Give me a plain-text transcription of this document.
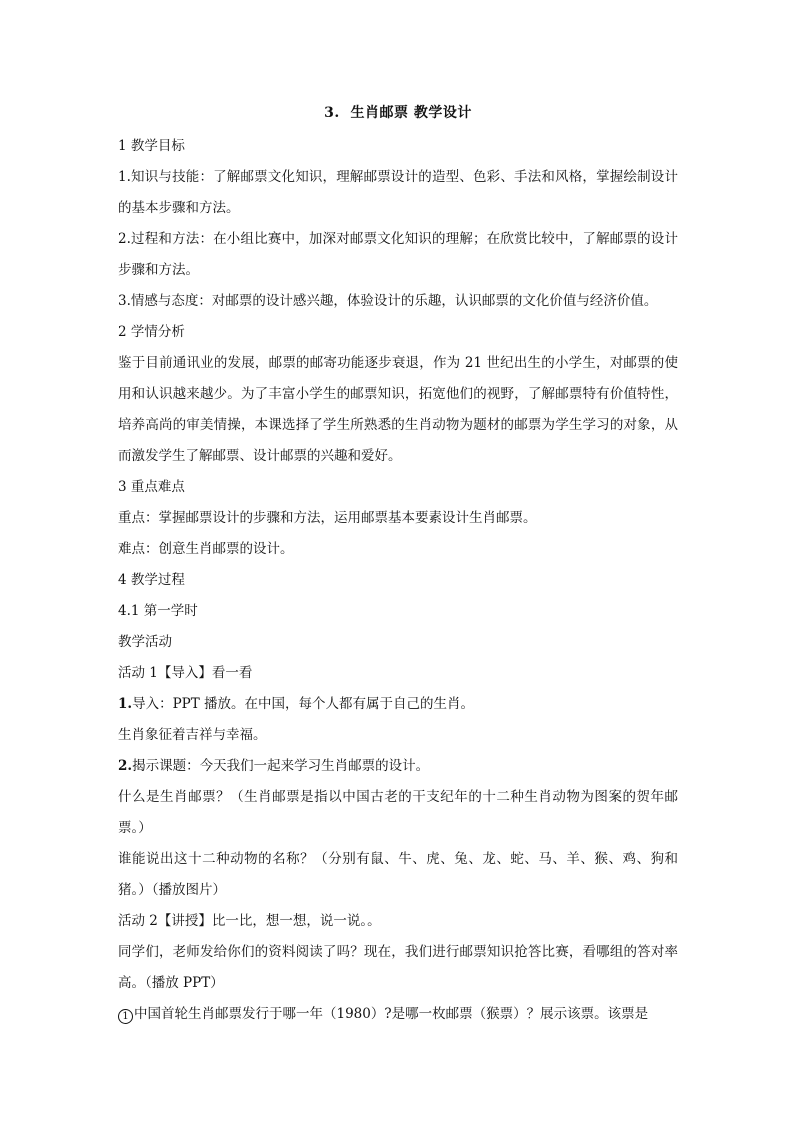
3.  生肖邮票 教学设计

1 教学目标

1.知识与技能：了解邮票文化知识，理解邮票设计的造型、色彩、手法和风格，掌握绘制设计的基本步骤和方法。

2.过程和方法：在小组比赛中，加深对邮票文化知识的理解；在欣赏比较中，了解邮票的设计步骤和方法。

3.情感与态度：对邮票的设计感兴趣，体验设计的乐趣，认识邮票的文化价值与经济价值。

2 学情分析

鉴于目前通讯业的发展，邮票的邮寄功能逐步衰退，作为 21 世纪出生的小学生，对邮票的使用和认识越来越少。为了丰富小学生的邮票知识，拓宽他们的视野，了解邮票特有价值特性，培养高尚的审美情操，本课选择了学生所熟悉的生肖动物为题材的邮票为学生学习的对象，从而激发学生了解邮票、设计邮票的兴趣和爱好。

3 重点难点

重点：掌握邮票设计的步骤和方法，运用邮票基本要素设计生肖邮票。

难点：创意生肖邮票的设计。

4 教学过程

4.1 第一学时

教学活动

活动 1【导入】看一看

1.导入：PPT 播放。在中国，每个人都有属于自己的生肖。

生肖象征着吉祥与幸福。

2.揭示课题：今天我们一起来学习生肖邮票的设计。

什么是生肖邮票？（生肖邮票是指以中国古老的干支纪年的十二种生肖动物为图案的贺年邮票。）

谁能说出这十二种动物的名称？（分别有鼠、牛、虎、兔、龙、蛇、马、羊、猴、鸡、狗和猪。）（播放图片）

活动 2【讲授】比一比，想一想，说一说。。

同学们，老师发给你们的资料阅读了吗？现在，我们进行邮票知识抢答比赛，看哪组的答对率高。（播放 PPT）

1 中国首轮生肖邮票发行于哪一年（1980）?是哪一枚邮票（猴票）？展示该票。该票是
